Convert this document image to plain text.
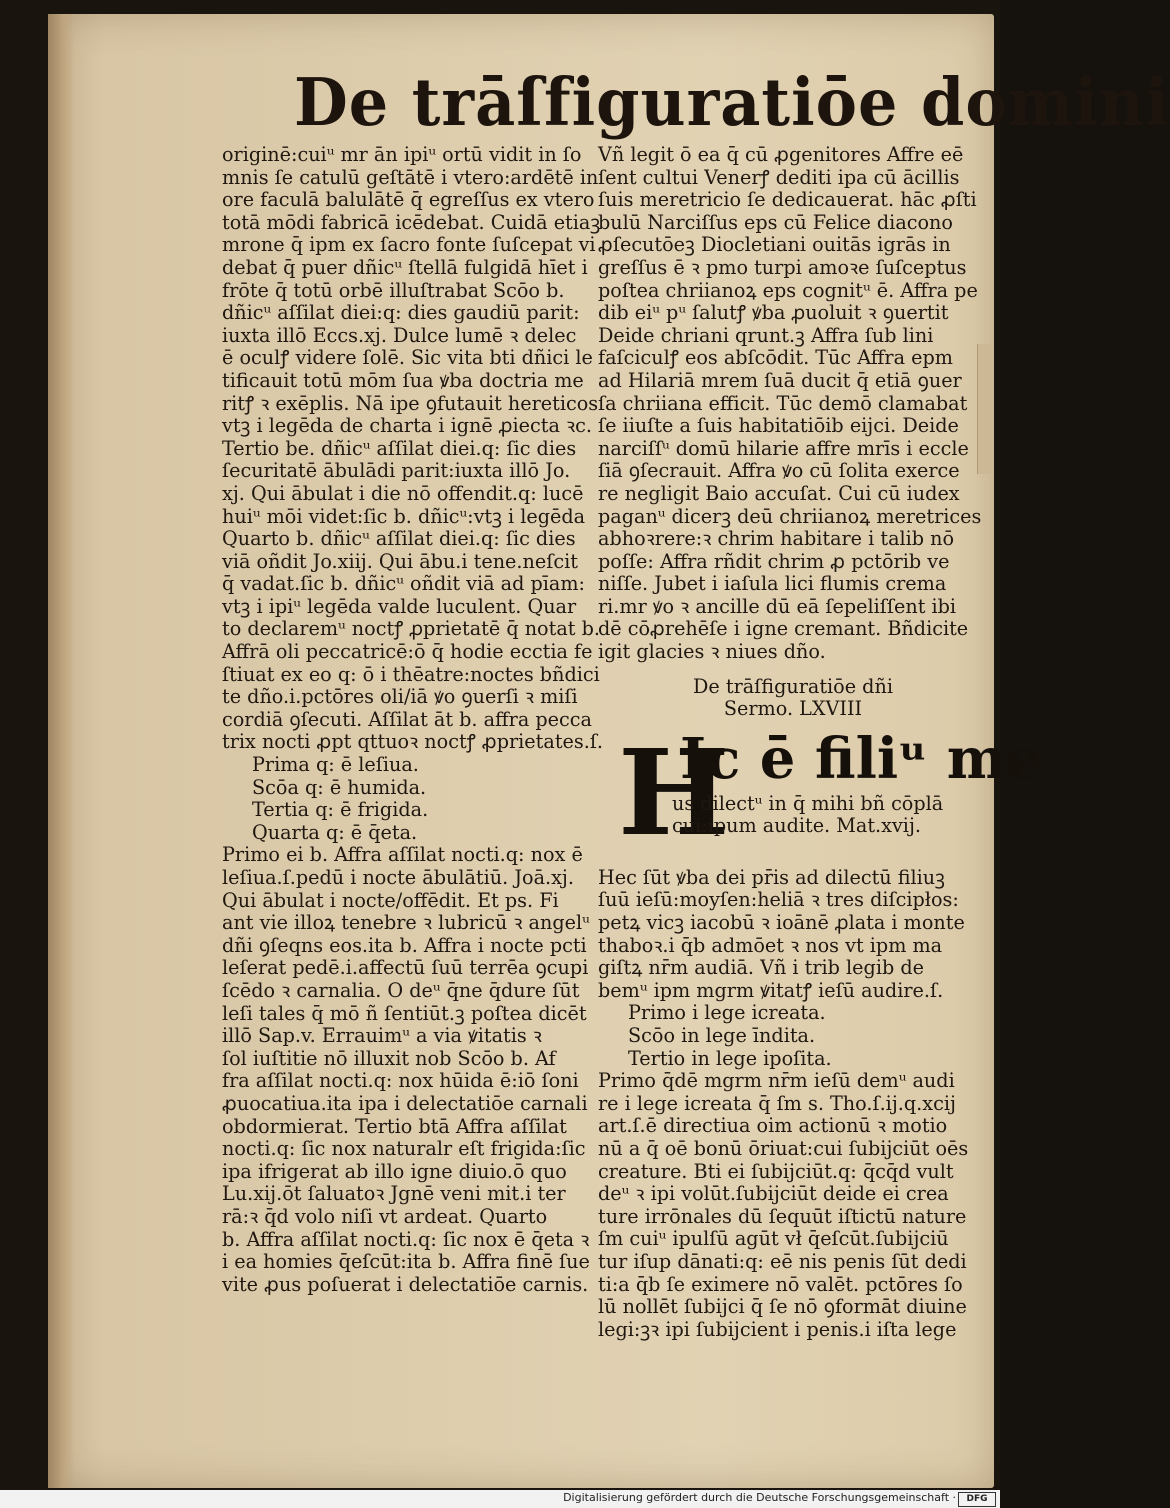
De trāſfiguratiōe domini
originē:cuiᵘ mr ān ipiᵘ ortū vidit in ſo
mnis ſe catulū geſtātē i vtero:ardētē in
ore faculā balulātē q̄ egreſſus ex vtero
totā mōdi fabricā icēdebat. Cuidā etiaꝫ
mrone q̄ ipm ex ſacro fonte ſuſcepat vi
debat q̄ puer dñicᵘ ſtellā fulgidā hīet i
frōte q̄ totū orbē illuſtrabat Scōo b.
dñicᵘ aſſilat diei:q: dies gaudiū parit:
iuxta illō Eccs.xj. Dulce lumē ꝛ delec
ē oculꝭ videre ſolē. Sic vita bti dñici le
tificauit totū mōm ſua ꝟba doctria me
ritꝭ ꝛ exēplis. Nā ipe ꝯfutauit hereticos
vtꝫ i legēda de charta i ignē ꝓiecta ꝛc.
Tertio be. dñicᵘ aſſilat diei.q: ſic dies
ſecuritatē ābulādi parit:iuxta illō Jo.
xj. Qui ābulat i die nō offendit.q: lucē
huiᵘ mōi videt:ſic b. dñicᵘ:vtꝫ i legēda
Quarto b. dñicᵘ aſſilat diei.q: ſic dies
viā oñdit Jo.xiij. Qui ābu.i tene.neſcit
q̄ vadat.ſic b. dñicᵘ oñdit viā ad pīam:
vtꝫ i ipiᵘ legēda valde luculent. Quar
to declaremᵘ noctꝭ ꝓprietatē q̄ notat b.
Affrā oli peccatricē:ō q̄ hodie ecctia fe
ſtiuat ex eo q: ō i thēatre:noctes bñdici
te dño.i.pctōres oli/iā ꝟo ꝯuerſi ꝛ miſi
cordiā ꝯſecuti. Aſſilat āt b. affra pecca
trix nocti ꝓpt qttuoꝛ noctꝭ ꝓprietates.ſ.
Prima q: ē leſiua.
Scōa q: ē humida.
Tertia q: ē frigida.
Quarta q: ē q̄eta.
Primo ei b. Affra aſſilat nocti.q: nox ē
leſiua.ſ.pedū i nocte ābulātiū. Joā.xj.
Qui ābulat i nocte/offēdit. Et ps. Fi
ant vie illoꝝ tenebre ꝛ lubricū ꝛ angelᵘ
dñi ꝯſeqns eos.ita b. Affra i nocte pcti
leſerat pedē.i.affectū ſuū terrēa ꝯcupi
ſcēdo ꝛ carnalia. O deᵘ q̄ne q̄dure ſūt
leſi tales q̄ mō ñ ſentiūt.ꝫ poſtea dicēt
illō Sap.v. Errauimᵘ a via ꝟitatis ꝛ
ſol iuſtitie nō illuxit nob Scōo b. Af
fra aſſilat nocti.q: nox hūida ē:iō ſoni
ꝓuocatiua.ita ipa i delectatiōe carnali
obdormierat. Tertio btā Affra aſſilat
nocti.q: ſic nox naturalr eſt frigida:ſic
ipa ifrigerat ab illo igne diuio.ō quo
Lu.xij.ōt ſaluatoꝛ Jgnē veni mit.i ter
rā:ꝛ q̄d volo niſi vt ardeat. Quarto
b. Affra aſſilat nocti.q: ſic nox ē q̄eta ꝛ
i ea homies q̄eſcūt:ita b. Affra finē ſue
vite ꝓus poſuerat i delectatiōe carnis.
Vñ legit ō ea q̄ cū ꝓgenitores Affre eē
ſent cultui Venerꝭ dediti ipa cū ācillis
ſuis meretricio ſe dedicauerat. hāc ꝓſti
bulū Narciſſus eps cū Felice diacono
ꝓſecutōeꝫ Diocletiani ouitās igrās in
greſſus ē ꝛ pmo turpi amoꝛe ſuſceptus
poſtea chriianoꝝ eps cognitᵘ ē. Affra pe
dib eiᵘ pᵘ ſalutꝭ ꝟba ꝓuoluit ꝛ ꝯuertit
Deide chriani qrunt.ꝫ Affra ſub lini
faſciculꝭ eos abſcōdit. Tūc Affra epm
ad Hilariā mrem ſuā ducit q̄ etiā ꝯuer
ſa chriiana efficit. Tūc demō clamabat
ſe iiuſte a ſuis habitatiōib eijci. Deide
narciſſᵘ domū hilarie affre mrīs i eccle
ſiā ꝯſecrauit. Affra ꝟo cū ſolita exerce
re negligit Baio accuſat. Cui cū iudex
paganᵘ dicerꝫ deū chriianoꝝ meretrices
abhoꝛrere:ꝛ chrim habitare i talib nō
poſſe: Affra rñdit chrim ꝓ pctōrib ve
niſſe. Jubet i iaſula lici flumis crema
ri.mr ꝟo ꝛ ancille dū eā ſepeliſſent ibi
dē cōꝓrehēſe i igne cremant. Bñdicite
igit glacies ꝛ niues dño.
De trāſfiguratiōe dñi
Sermo. LXVIII
H
Ic ē filiᵘ me
us dilectᵘ in q̄ mihi bñ cōplā
cui:ipum audite. Mat.xvij.
Hec ſūt ꝟba dei pr̄is ad dilectū filiuꝫ
ſuū ieſū:moyſen:heliā ꝛ tres diſcipłos:
petꝝ vicꝫ iacobū ꝛ ioānē ꝓlata i monte
thaboꝛ.i q̄b admōet ꝛ nos vt ipm ma
giſtꝝ nr̄m audiā. Vñ i trib legib de
bemᵘ ipm mgrm ꝟitatꝭ ieſū audire.ſ.
Primo i lege icreata.
Scōo in lege īndita.
Tertio in lege ipoſita.
Primo q̄dē mgrm nr̄m ieſū demᵘ audi
re i lege icreata q̄ ſm s. Tho.ſ.ij.q.xcij
art.ſ.ē directiua oim actionū ꝛ motio
nū a q̄ oē bonū ōriuat:cui ſubijciūt oēs
creature. Bti ei ſubijciūt.q: q̄cq̄d vult
deᵘ ꝛ ipi volūt.ſubijciūt deide ei crea
ture irrōnales dū ſequūt iſtictū nature
ſm cuiᵘ ipulſū agūt vł q̄eſcūt.ſubijciū
tur iſup dānati:q: eē nis penis ſūt dedi
ti:a q̄b ſe eximere nō valēt. pctōres ſo
lū nollēt ſubijci q̄ ſe nō ꝯformāt diuine
legi:ꝫꝛ ipi ſubijcient i penis.i iſta lege
Digitalisierung gefördert durch die Deutsche Forschungsgemeinschaft ·	DFG
